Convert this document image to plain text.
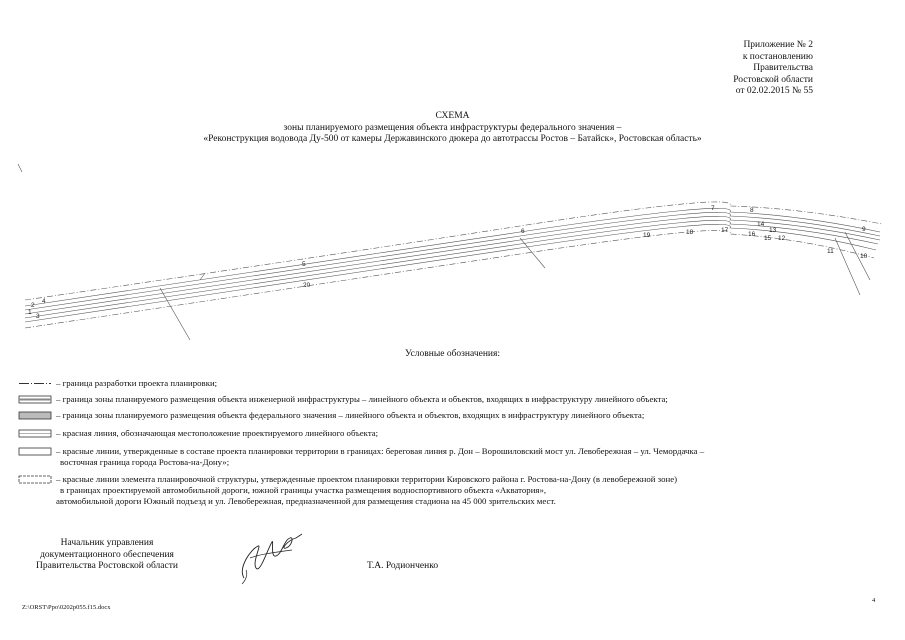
Приложение № 2
к постановлению
Правительства
Ростовской области
от 02.02.2015 № 55
СХЕМА
зоны планируемого размещения объекта инфраструктуры федерального значения –
«Реконструкция водовода Ду-500 от камеры Державинского дюкера до автотрассы Ростов – Батайск», Ростовская область»
1
2
3
4
5
6
7	8
9
10
11
12
13
14
15
16
17
18
19
20
Условные обозначения:
– граница разработки проекта планировки;
– граница зоны планируемого размещения объекта инженерной инфраструктуры – линейного объекта и объектов, входящих в инфраструктуру линейного объекта;
– граница зоны планируемого размещения объекта федерального значения – линейного объекта и объектов, входящих в инфраструктуру линейного объекта;
– красная линия, обозначающая местоположение проектируемого линейного объекта;
– красные линии, утвержденные в составе проекта планировки территории в границах: береговая линия р. Дон – Ворошиловский мост ул. Левобережная – ул. Чемордачка –
восточная граница города Ростова-на-Дону»;
– красные линии элемента планировочной структуры, утвержденные проектом планировки территории Кировского района г. Ростова-на-Дону (в левобережной зоне)
в границах проектируемой автомобильной дороги, южной границы участка размещения водноспортивного объекта «Акватория»,
автомобильной дороги Южный подъезд и ул. Левобережная, предназначенной для размещения стадиона на 45 000 зрительских мест.
Начальник управления
документационного обеспечения
Правительства Ростовской области	Т.А. Родионченко
Z:\ORST\Ppo\0202p055.f15.docx
4
